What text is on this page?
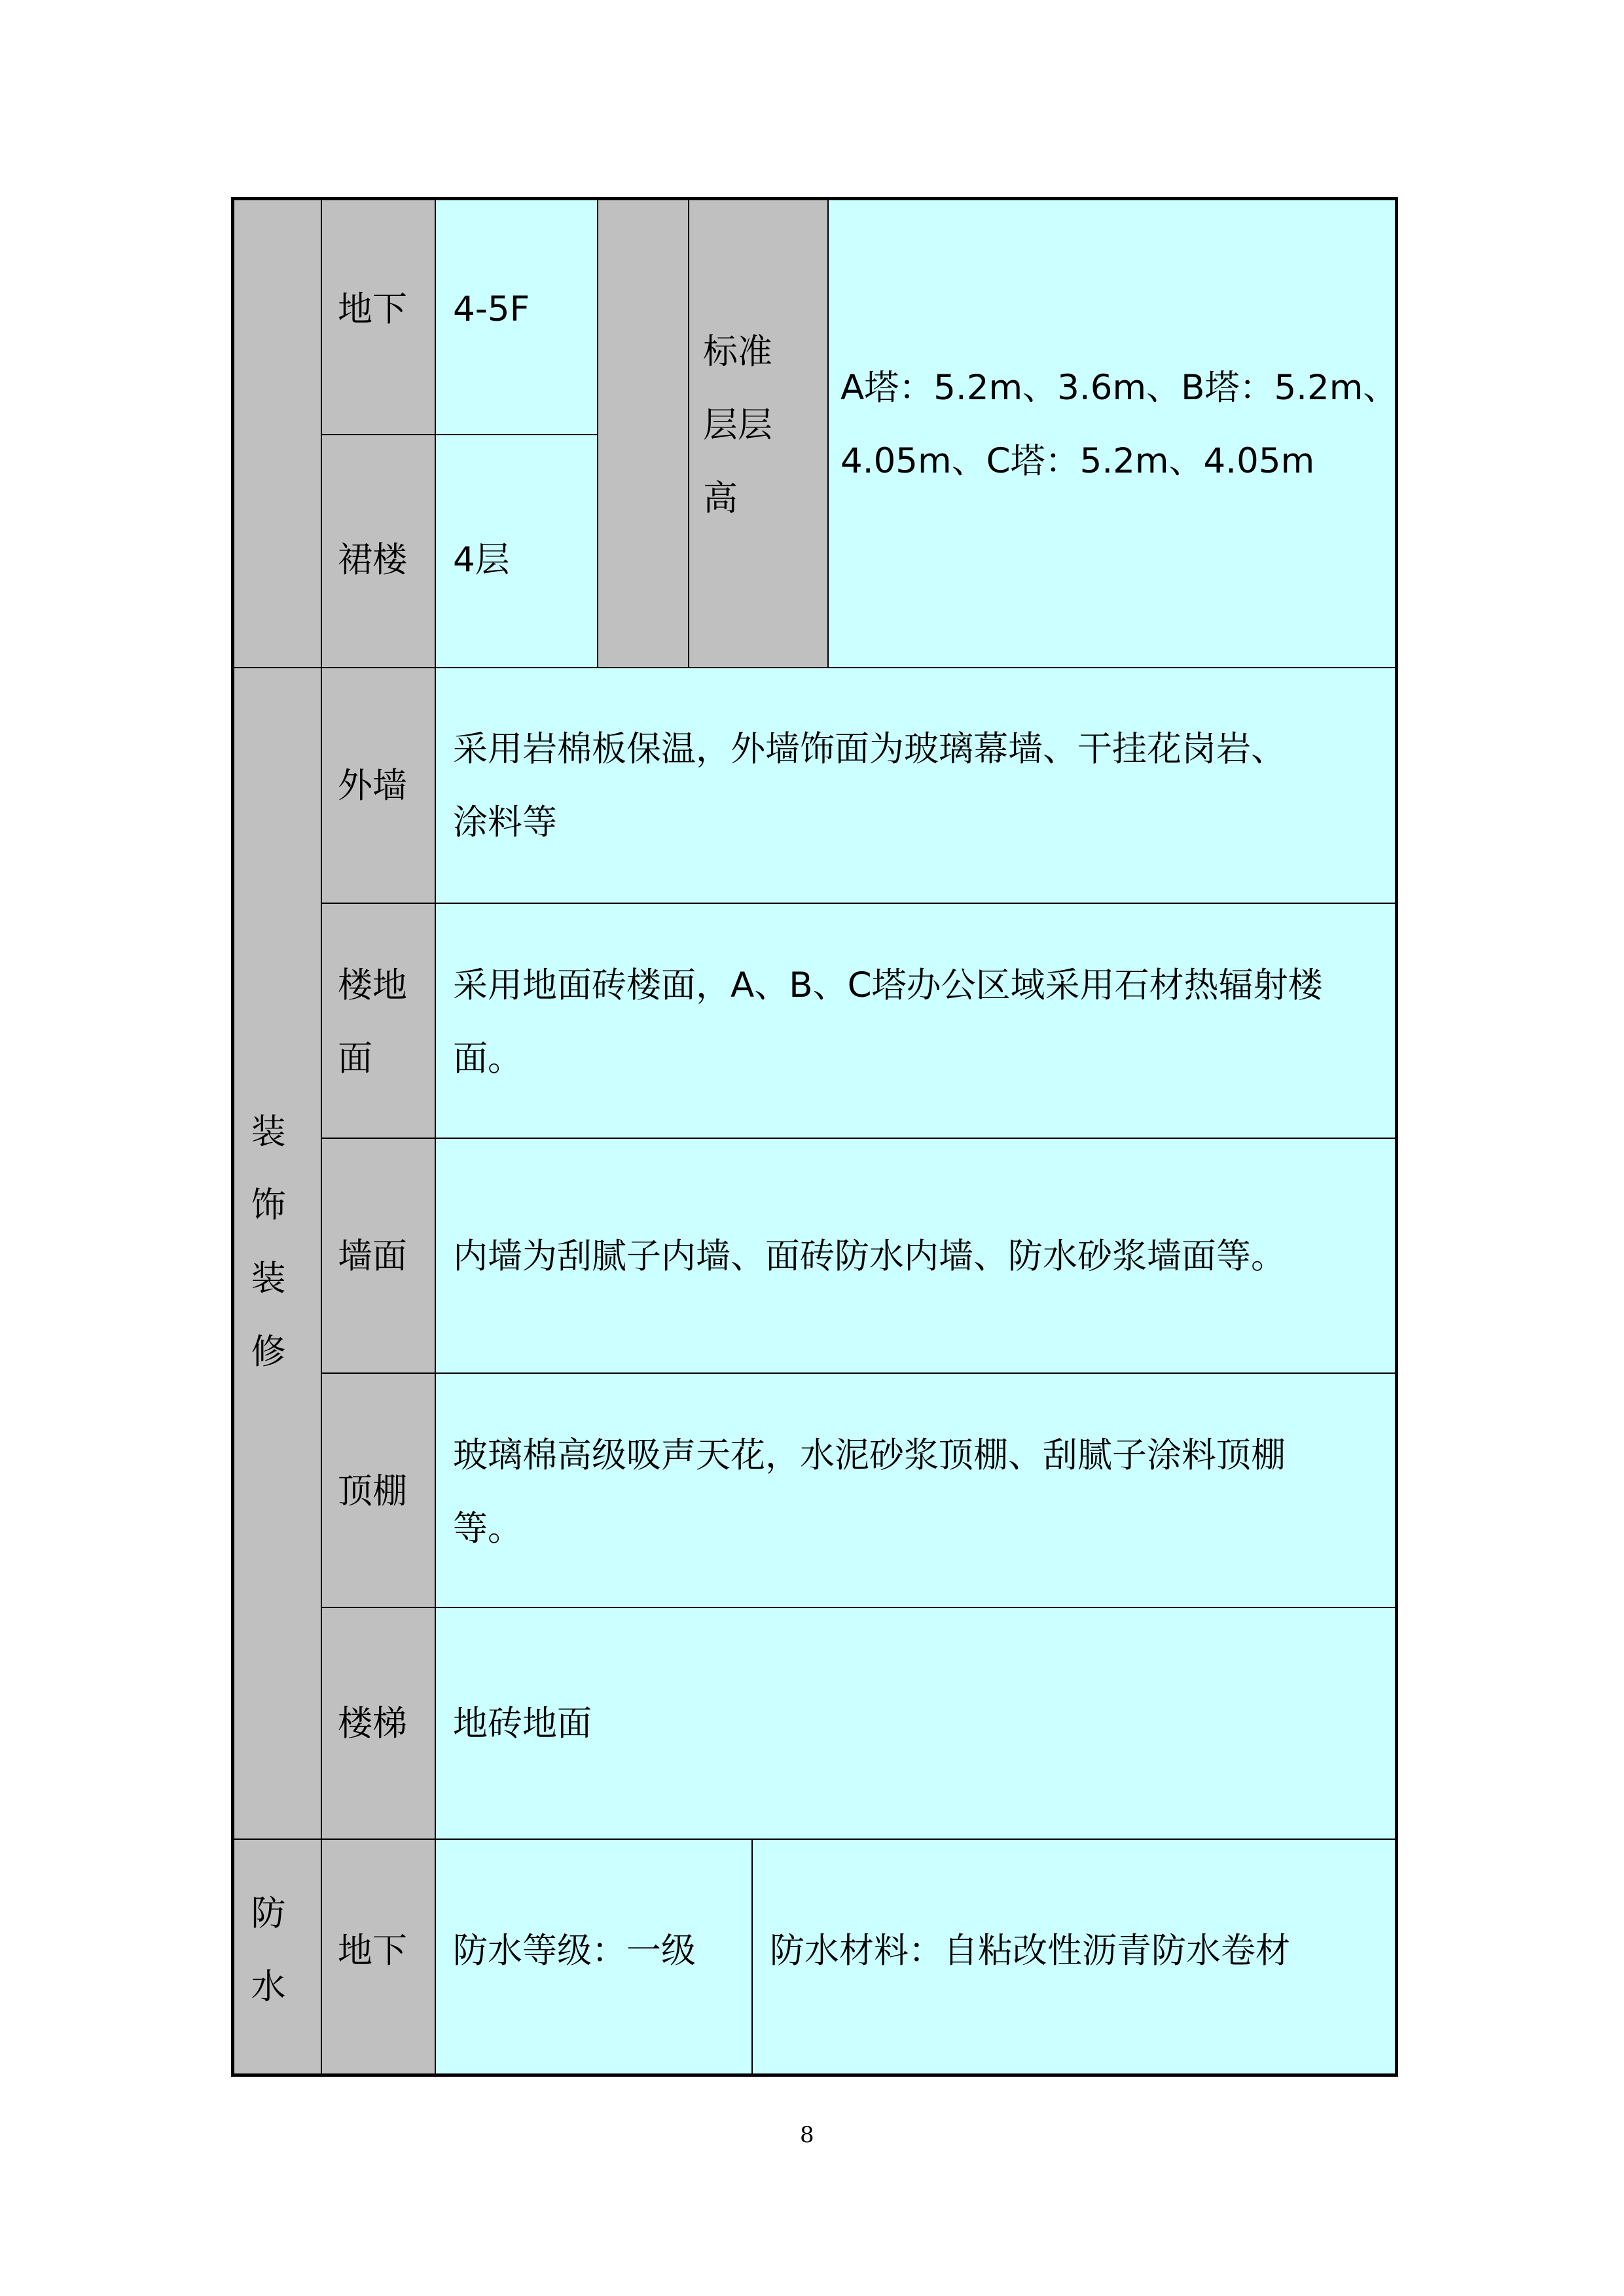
地下 4-5F
裙楼 4层
标准
层层
高
A塔：5.2m、3.6m、B塔：5.2m、
4.05m、C塔：5.2m、4.05m
装
饰
装
修
外墙
采用岩棉板保温，外墙饰面为玻璃幕墙、干挂花岗岩、
涂料等
楼地
面
采用地面砖楼面，A、B、C塔办公区域采用石材热辐射楼
面。
墙面 内墙为刮腻子内墙、面砖防水内墙、防水砂浆墙面等。
顶棚
玻璃棉高级吸声天花，水泥砂浆顶棚、刮腻子涂料顶棚
等。
楼梯 地砖地面
防
水
地下 防水等级：一级 防水材料：自粘改性沥青防水卷材
8
